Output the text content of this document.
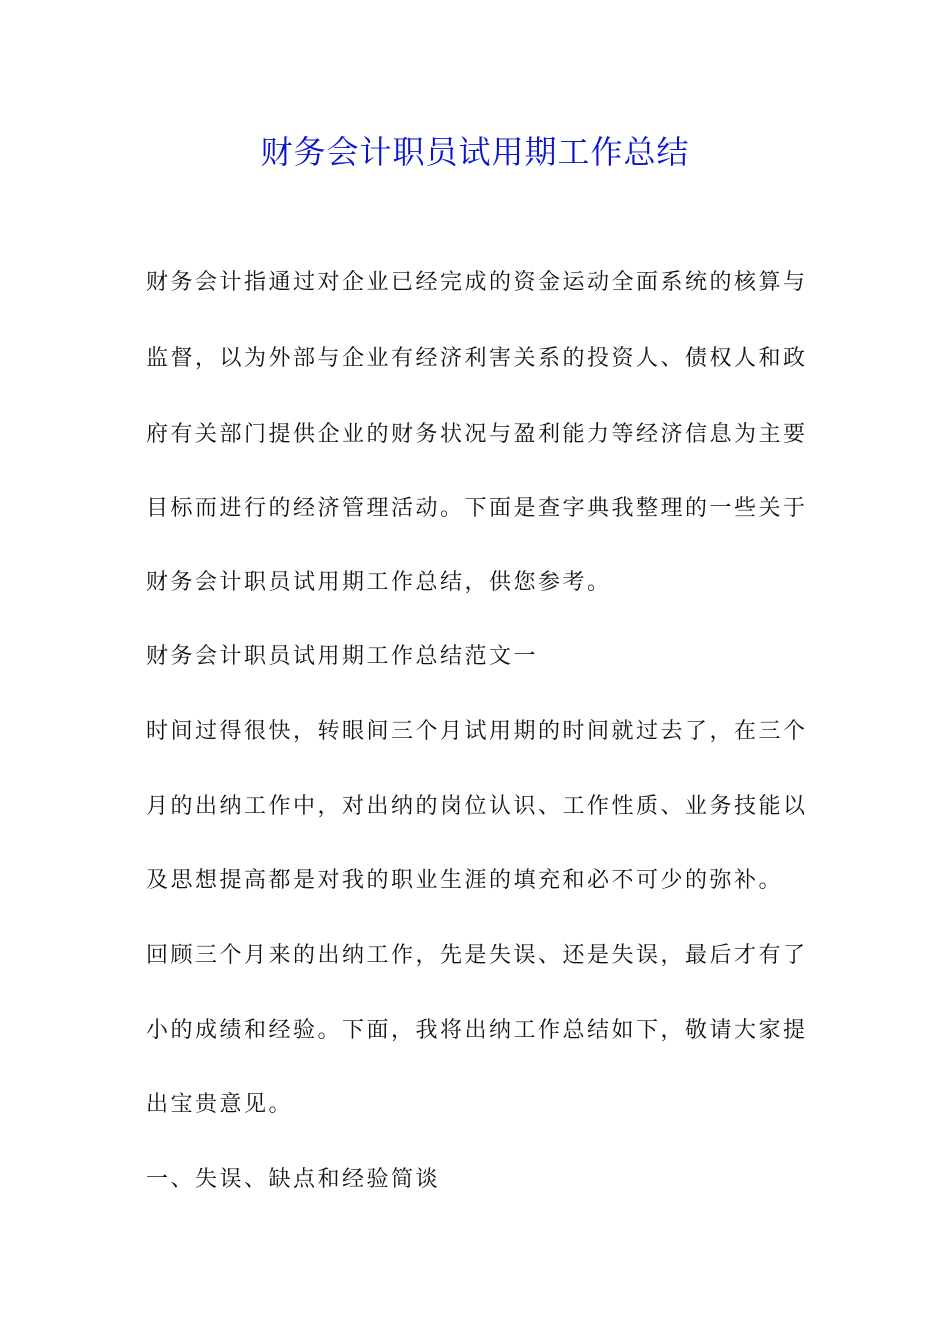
财务会计职员试用期工作总结
财务会计指通过对企业已经完成的资金运动全面系统的核算与
监督，以为外部与企业有经济利害关系的投资人、债权人和政
府有关部门提供企业的财务状况与盈利能力等经济信息为主要
目标而进行的经济管理活动。下面是查字典我整理的一些关于
财务会计职员试用期工作总结，供您参考。
财务会计职员试用期工作总结范文一
时间过得很快，转眼间三个月试用期的时间就过去了，在三个
月的出纳工作中，对出纳的岗位认识、工作性质、业务技能以
及思想提高都是对我的职业生涯的填充和必不可少的弥补。
回顾三个月来的出纳工作，先是失误、还是失误，最后才有了
小的成绩和经验。下面，我将出纳工作总结如下，敬请大家提
出宝贵意见。
一、失误、缺点和经验简谈
